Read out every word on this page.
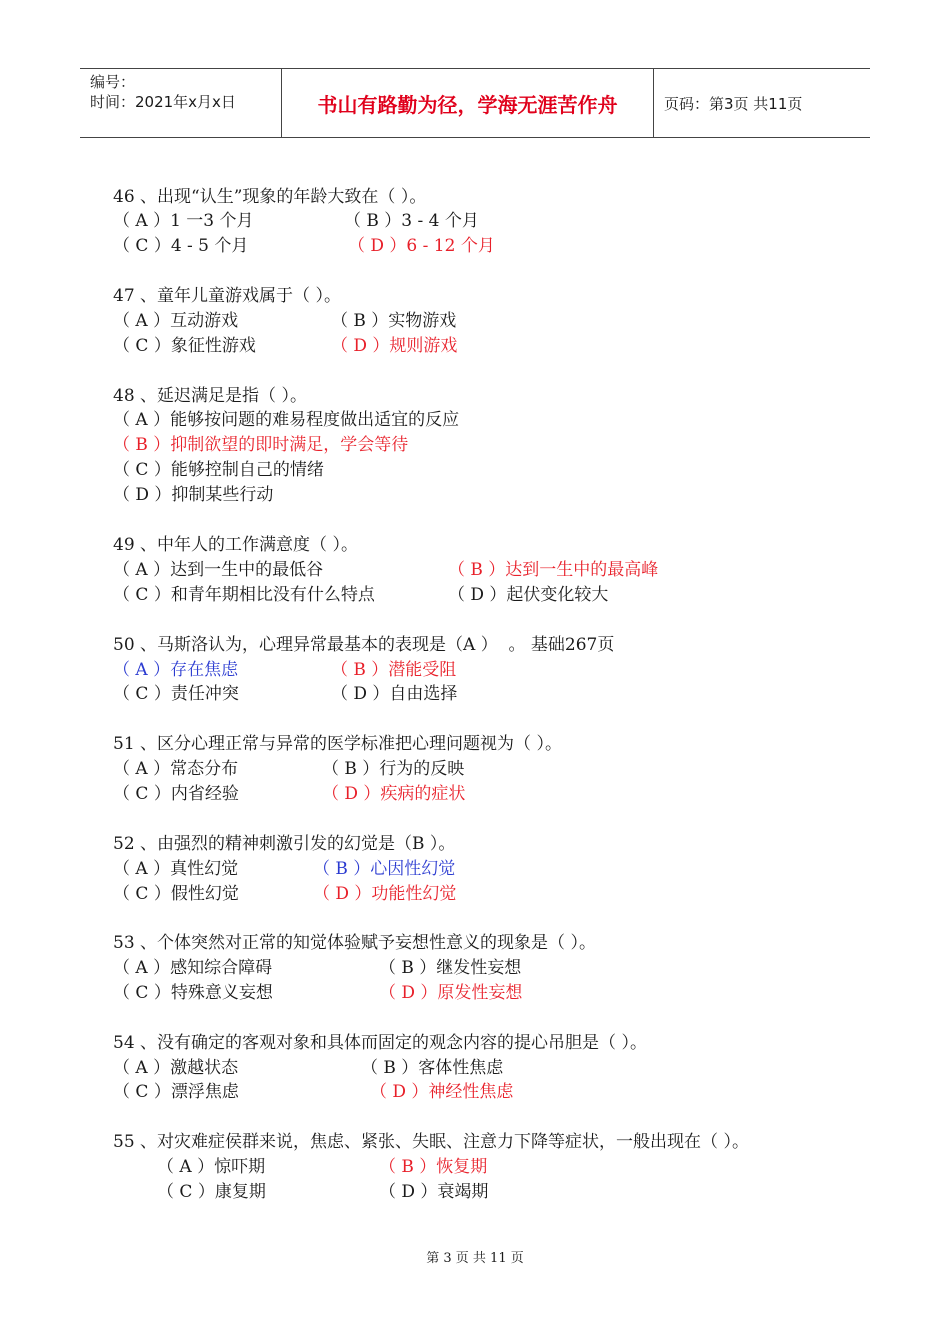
编号：
时间：2021年x月x日	书山有路勤为径，学海无涯苦作舟	页码：第3页 共11页
46 、出现“认生”现象的年龄大致在（ ）。
（ A ）1 一3 个月	（ B ）3 - 4 个月
（ C ）4 - 5 个月	（ D ）6 - 12 个月
47 、童年儿童游戏属于（ ）。
（ A ）互动游戏	（ B ）实物游戏
（ C ）象征性游戏	（ D ）规则游戏
48 、延迟满足是指（ ）。
（ A ）能够按问题的难易程度做出适宜的反应
（ B ）抑制欲望的即时满足，学会等待
（ C ）能够控制自己的情绪
（ D ）抑制某些行动
49 、中年人的工作满意度（ ）。
（ A ）达到一生中的最低谷	（ B ）达到一生中的最高峰
（ C ）和青年期相比没有什么特点	（ D ）起伏变化较大
50 、马斯洛认为，心理异常最基本的表现是（A ）  。 基础267页
（ A ）存在焦虑	（ B ）潜能受阻
（ C ）责任冲突	（ D ）自由选择
51 、区分心理正常与异常的医学标准把心理问题视为（ ）。
（ A ）常态分布	（ B ）行为的反映
（ C ）内省经验	（ D ）疾病的症状
52 、由强烈的精神刺激引发的幻觉是（B ）。
（ A ）真性幻觉	（ B ）心因性幻觉
（ C ）假性幻觉	（ D ）功能性幻觉
53 、个体突然对正常的知觉体验赋予妄想性意义的现象是（ ）。
（ A ）感知综合障碍	（ B ）继发性妄想
（ C ）特殊意义妄想	（ D ）原发性妄想
54 、没有确定的客观对象和具体而固定的观念内容的提心吊胆是（ ）。
（ A ）激越状态	（ B ）客体性焦虑
（ C ）漂浮焦虑	（ D ）神经性焦虑
55 、对灾难症侯群来说，焦虑、紧张、失眠、注意力下降等症状，一般出现在（ ）。
（ A ）惊吓期	（ B ）恢复期
（ C ）康复期	（ D ）衰竭期
第 3 页 共 11 页
